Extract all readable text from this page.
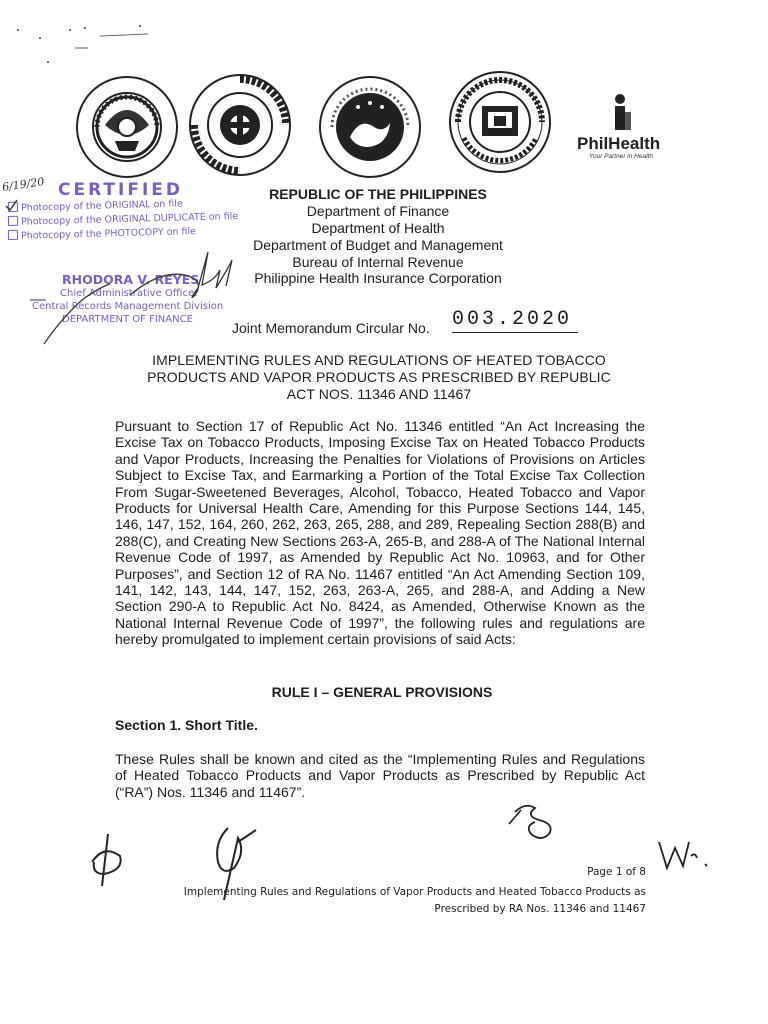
PhilHealth
Your Partner in Health
6/19/20 CERTIFIED
Photocopy of the ORIGINAL on file
Photocopy of the ORIGINAL DUPLICATE on file
Photocopy of the PHOTOCOPY on file
RHODORA V. REYES
Chief Administrative Officer
Central Records Management Division
DEPARTMENT OF FINANCE
REPUBLIC OF THE PHILIPPINES
Department of Finance
Department of Health
Department of Budget and Management
Bureau of Internal Revenue
Philippine Health Insurance Corporation
Joint Memorandum Circular No. 003.2020
IMPLEMENTING RULES AND REGULATIONS OF HEATED TOBACCO
PRODUCTS AND VAPOR PRODUCTS AS PRESCRIBED BY REPUBLIC
ACT NOS. 11346 AND 11467
Pursuant to Section 17 of Republic Act No. 11346 entitled “An Act Increasing the Excise Tax on Tobacco Products, Imposing Excise Tax on Heated Tobacco Products and Vapor Products, Increasing the Penalties for Violations of Provisions on Articles Subject to Excise Tax, and Earmarking a Portion of the Total Excise Tax Collection From Sugar-Sweetened Beverages, Alcohol, Tobacco, Heated Tobacco and Vapor Products for Universal Health Care, Amending for this Purpose Sections 144, 145, 146, 147, 152, 164, 260, 262, 263, 265, 288, and 289, Repealing Section 288(B) and 288(C), and Creating New Sections 263-A, 265-B, and 288-A of The National Internal Revenue Code of 1997, as Amended by Republic Act No. 10963, and for Other Purposes”, and Section 12 of RA No. 11467 entitled “An Act Amending Section 109, 141, 142, 143, 144, 147, 152, 263, 263-A, 265, and 288-A, and Adding a New Section 290-A to Republic Act No. 8424, as Amended, Otherwise Known as the National Internal Revenue Code of 1997”, the following rules and regulations are hereby promulgated to implement certain provisions of said Acts:
RULE I – GENERAL PROVISIONS
Section 1. Short Title.
These Rules shall be known and cited as the “Implementing Rules and Regulations of Heated Tobacco Products and Vapor Products as Prescribed by Republic Act (“RA”) Nos. 11346 and 11467”.
Page 1 of 8
Implementing Rules and Regulations of Vapor Products and Heated Tobacco Products as
Prescribed by RA Nos. 11346 and 11467
